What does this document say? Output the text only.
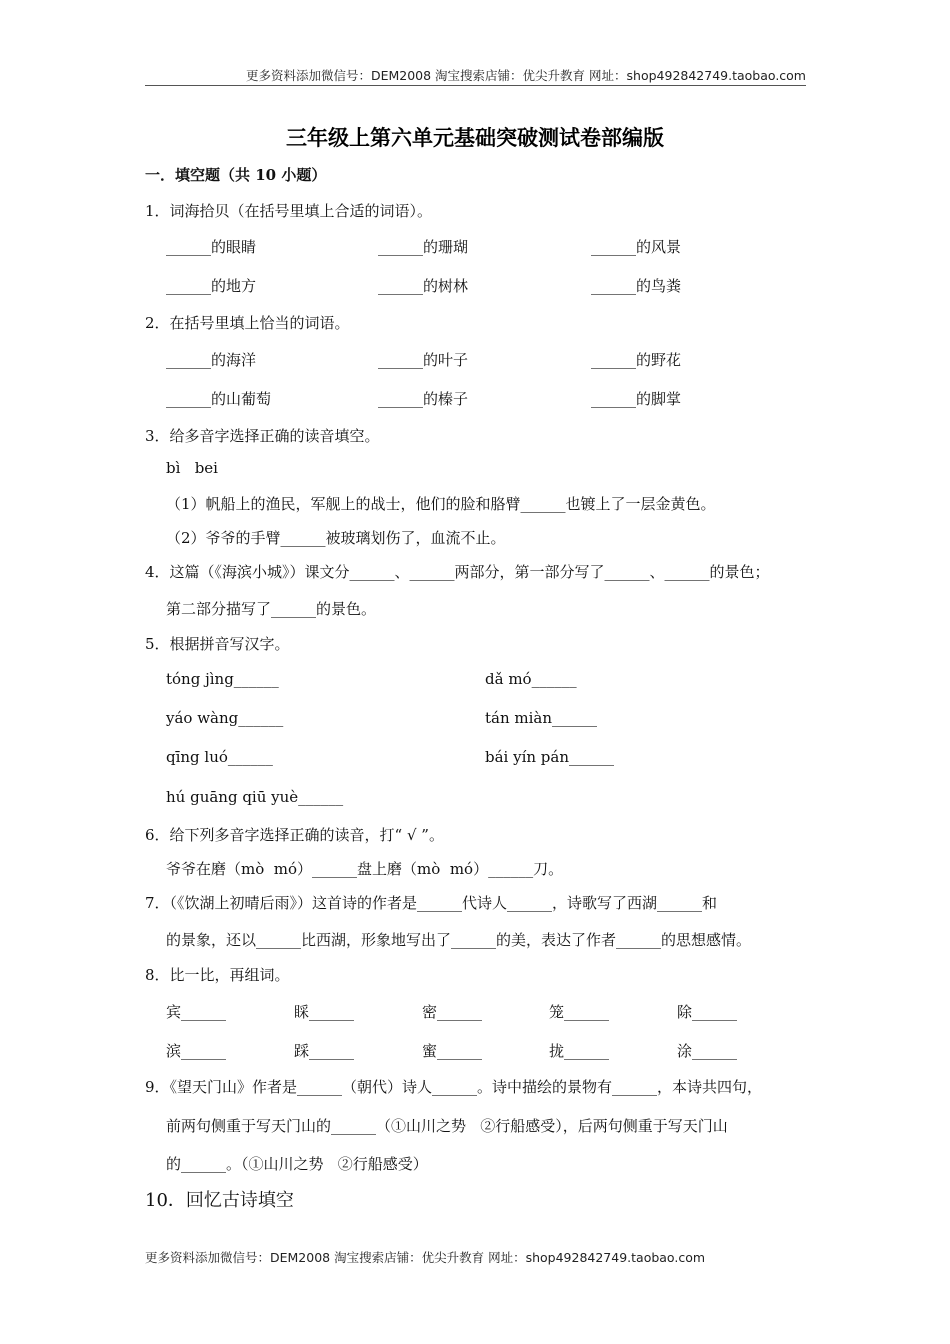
更多资料添加微信号：DEM2008 淘宝搜索店铺：优尖升教育 网址：shop492842749.taobao.com
三年级上第六单元基础突破测试卷部编版
一．填空题（共 10 小题）
1．词海拾贝（在括号里填上合适的词语）。
______的眼睛	______的珊瑚	______的风景
______的地方	______的树林	______的鸟粪
2．在括号里填上恰当的词语。
______的海洋	______的叶子	______的野花
______的山葡萄	______的榛子	______的脚掌
3．给多音字选择正确的读音填空。
bì   bei
（1）帆船上的渔民，军舰上的战士，他们的脸和胳臂______也镀上了一层金黄色。
（2）爷爷的手臂______被玻璃划伤了，血流不止。
4．这篇（《海滨小城》）课文分______、______两部分，第一部分写了______、______的景色；
第二部分描写了______的景色。
5．根据拼音写汉字。
tóng jìng______	dǎ mó______
yáo wàng______	tán miàn______
qīng luó______	bái yín pán______
hú guāng qiū yuè______
6．给下列多音字选择正确的读音，打“ √ ”。
爷爷在磨（mò  mó）______盘上磨（mò  mó）______刀。
7．（《饮湖上初晴后雨》）这首诗的作者是______代诗人______，诗歌写了西湖______和
的景象，还以______比西湖，形象地写出了______的美，表达了作者______的思想感情。
8．比一比，再组词。
宾______	睬______	密______	笼______	除______
滨______	踩______	蜜______	拢______	涂______
9．《望天门山》作者是______（朝代）诗人______。诗中描绘的景物有______，本诗共四句，
前两句侧重于写天门山的______（①山川之势   ②行船感受），后两句侧重于写天门山
的______。（①山川之势   ②行船感受）
10．回忆古诗填空
更多资料添加微信号：DEM2008 淘宝搜索店铺：优尖升教育 网址：shop492842749.taobao.com
